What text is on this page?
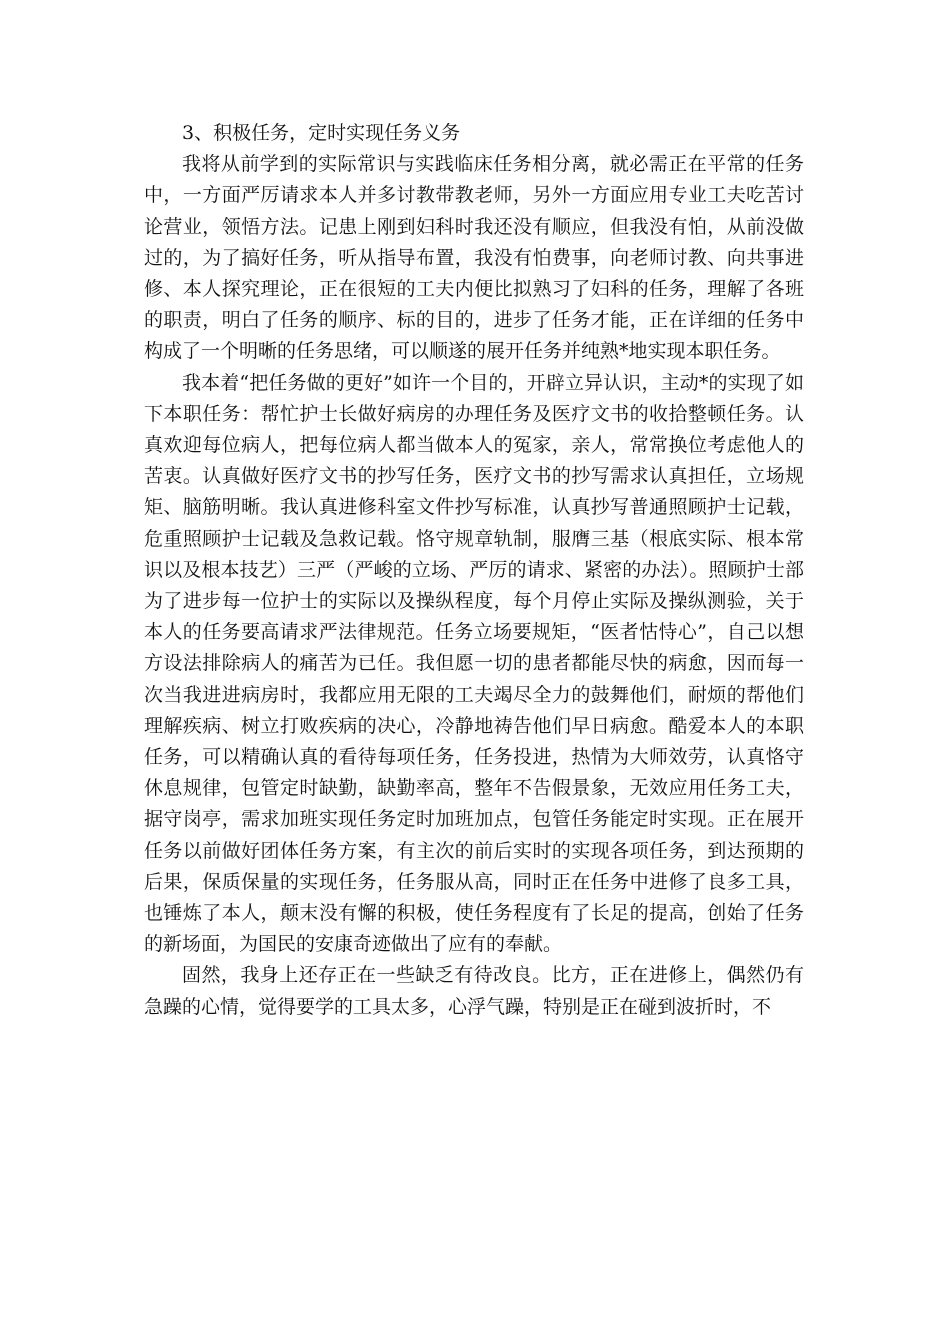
3、积极任务，定时实现任务义务

我将从前学到的实际常识与实践临床任务相分离，就必需正在平常的任务中，一方面严厉请求本人并多讨教带教老师，另外一方面应用专业工夫吃苦讨论营业，领悟方法。记患上刚到妇科时我还没有顺应，但我没有怕，从前没做过的，为了搞好任务，听从指导布置，我没有怕费事，向老师讨教、向共事进修、本人探究理论，正在很短的工夫内便比拟熟习了妇科的任务，理解了各班的职责，明白了任务的顺序、标的目的，进步了任务才能，正在详细的任务中构成了一个明晰的任务思绪，可以顺遂的展开任务并纯熟*地实现本职任务。

我本着“把任务做的更好”如许一个目的，开辟立异认识，主动*的实现了如下本职任务：帮忙护士长做好病房的办理任务及医疗文书的收拾整顿任务。认真欢迎每位病人，把每位病人都当做本人的冤家，亲人，常常换位考虑他人的苦衷。认真做好医疗文书的抄写任务，医疗文书的抄写需求认真担任，立场规矩、脑筋明晰。我认真进修科室文件抄写标准，认真抄写普通照顾护士记载，危重照顾护士记载及急救记载。恪守规章轨制，服膺三基（根底实际、根本常识以及根本技艺）三严（严峻的立场、严厉的请求、紧密的办法）。照顾护士部为了进步每一位护士的实际以及操纵程度，每个月停止实际及操纵测验，关于本人的任务要高请求严法律规范。任务立场要规矩，“医者怙恃心”，自己以想方设法排除病人的痛苦为已任。我但愿一切的患者都能尽快的病愈，因而每一次当我进进病房时，我都应用无限的工夫竭尽全力的鼓舞他们，耐烦的帮他们理解疾病、树立打败疾病的决心，冷静地祷告他们早日病愈。酷爱本人的本职任务，可以精确认真的看待每项任务，任务投进，热情为大师效劳，认真恪守休息规律，包管定时缺勤，缺勤率高，整年不告假景象，无效应用任务工夫，据守岗亭，需求加班实现任务定时加班加点，包管任务能定时实现。正在展开任务以前做好团体任务方案，有主次的前后实时的实现各项任务，到达预期的后果，保质保量的实现任务，任务服从高，同时正在任务中进修了良多工具，也锤炼了本人，颠末没有懈的积极，使任务程度有了长足的提高，创始了任务的新场面，为国民的安康奇迹做出了应有的奉献。

固然，我身上还存正在一些缺乏有待改良。比方，正在进修上，偶然仍有急躁的心情，觉得要学的工具太多，心浮气躁，特别是正在碰到波折时，不
